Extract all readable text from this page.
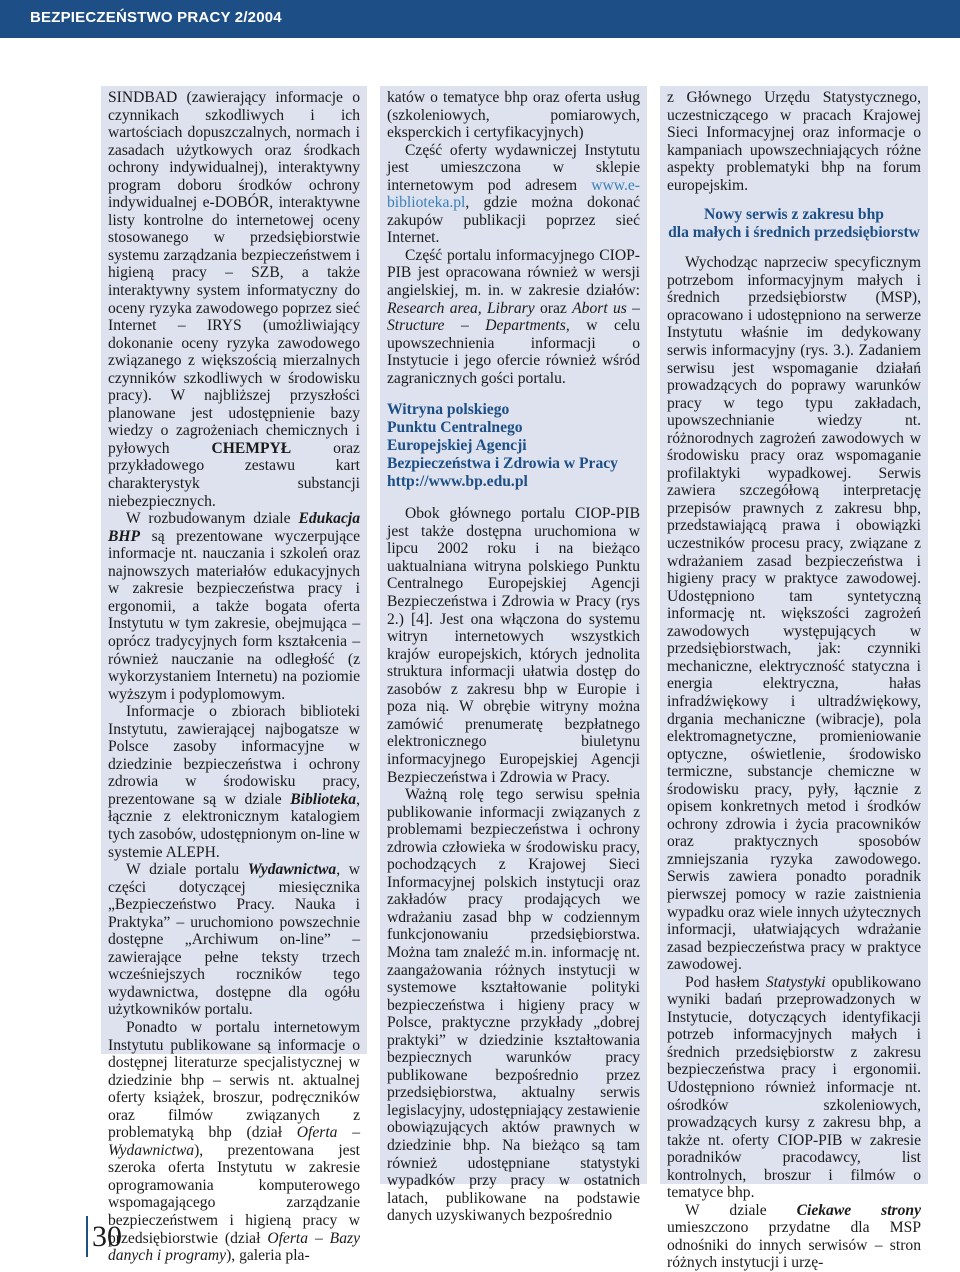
BEZPIECZEŃSTWO PRACY 2/2004

SINDBAD (zawierający informacje o czynnikach szkodliwych i ich wartościach dopuszczalnych, normach i zasadach użytkowych oraz środkach ochrony indywidualnej), interaktywny program doboru środków ochrony indywidualnej e-DOBÓR, interaktywne listy kontrolne do internetowej oceny stosowanego w przedsiębiorstwie systemu zarządzania bezpieczeństwem i higieną pracy – SZB, a także interaktywny system informatyczny do oceny ryzyka zawodowego poprzez sieć Internet – IRYS (umożliwiający dokonanie oceny ryzyka zawodowego związanego z większością mierzalnych czynników szkodliwych w środowisku pracy). W najbliższej przyszłości planowane jest udostępnienie bazy wiedzy o zagrożeniach chemicznych i pyłowych	CHEMPYŁ	oraz przykładowego zestawu kart charakterystyk substancji niebezpiecznych.

W rozbudowanym dziale Edukacja BHP są prezentowane wyczerpujące informacje nt. nauczania i szkoleń oraz najnowszych materiałów edukacyjnych w zakresie bezpieczeństwa pracy i ergonomii, a także bogata oferta Instytutu w tym zakresie, obejmująca – oprócz tradycyjnych form kształcenia – również nauczanie na odległość (z wykorzystaniem Internetu) na poziomie wyższym i podyplomowym.

Informacje o zbiorach biblioteki Instytutu, zawierającej najbogatsze w Polsce zasoby informacyjne w dziedzinie bezpieczeństwa i ochrony zdrowia w środowisku pracy, prezentowane są w dziale Biblioteka, łącznie z elektronicznym katalogiem tych zasobów, udostępnionym on-line w systemie ALEPH.

W dziale portalu Wydawnictwa, w części dotyczącej miesięcznika „Bezpieczeństwo Pracy. Nauka i Praktyka” – uruchomiono powszechnie dostępne „Archiwum on-line” – zawierające pełne teksty trzech wcześniejszych roczników tego wydawnictwa, dostępne dla ogółu użytkowników portalu.

Ponadto w portalu internetowym Instytutu publikowane są informacje o dostępnej literaturze specjalistycznej w dziedzinie bhp – serwis nt. aktualnej oferty książek, broszur, podręczników oraz filmów związanych z problematyką bhp (dział Oferta – Wydawnictwa), prezentowana jest szeroka oferta Instytutu w zakresie oprogramowania komputerowego wspomagającego zarządzanie bezpieczeństwem i higieną pracy w przedsiębiorstwie (dział Oferta – Bazy danych i programy), galeria pla-

katów o tematyce bhp oraz oferta usług (szkoleniowych, pomiarowych, eksperckich i certyfikacyjnych)

Część oferty wydawniczej Instytutu jest umieszczona w sklepie internetowym pod adresem www.e-biblioteka.pl, gdzie można dokonać zakupów publikacji poprzez sieć Internet.

Część portalu informacyjnego CIOP-PIB jest opracowana również w wersji angielskiej, m. in. w zakresie działów: Research area, Library oraz Abort us – Structure – Departments, w celu upowszechnienia informacji o Instytucie i jego ofercie również wśród zagranicznych gości portalu.

Witryna polskiego
Punktu Centralnego
Europejskiej Agencji
Bezpieczeństwa i Zdrowia w Pracy
http://www.bp.edu.pl

Obok głównego portalu CIOP-PIB jest także dostępna uruchomiona w lipcu 2002 roku i na bieżąco uaktualniana witryna polskiego Punktu Centralnego Europejskiej Agencji Bezpieczeństwa i Zdrowia w Pracy (rys 2.) [4]. Jest ona włączona do systemu witryn internetowych wszystkich krajów europejskich, których jednolita struktura informacji ułatwia dostęp do zasobów z zakresu bhp w Europie i poza nią. W obrębie witryny można zamówić prenumeratę bezpłatnego elektronicznego biuletynu informacyjnego Europejskiej Agencji Bezpieczeństwa i Zdrowia w Pracy.

Ważną rolę tego serwisu spełnia publikowanie informacji związanych z problemami bezpieczeństwa i ochrony zdrowia człowieka w środowisku pracy, pochodzących z Krajowej Sieci Informacyjnej polskich instytucji oraz zakładów pracy prodających we wdrażaniu zasad bhp w codziennym funkcjonowaniu przedsiębiorstwa. Można tam znaleźć m.in. informację nt. zaangażowania różnych instytucji w systemowe kształtowanie polityki bezpieczeństwa i higieny pracy w Polsce, praktyczne przykłady „dobrej praktyki” w dziedzinie kształtowania bezpiecznych warunków pracy publikowane bezpośrednio przez przedsiębiorstwa, aktualny serwis legislacyjny, udostępniający zestawienie obowiązujących aktów prawnych w dziedzinie bhp. Na bieżąco są tam również udostępniane statystyki wypadków przy pracy w ostatnich latach, publikowane na podstawie danych uzyskiwanych bezpośrednio

z Głównego Urzędu Statystycznego, uczestniczącego w pracach Krajowej Sieci Informacyjnej oraz informacje o kampaniach upowszechniających różne aspekty problematyki bhp na forum europejskim.

Nowy serwis z zakresu bhp
dla małych i średnich przedsiębiorstw

Wychodząc naprzeciw specyficznym potrzebom informacyjnym małych i średnich przedsiębiorstw (MSP), opracowano i udostępniono na serwerze Instytutu właśnie im dedykowany serwis informacyjny (rys. 3.). Zadaniem serwisu jest wspomaganie działań prowadzących do poprawy warunków pracy w tego typu zakładach, upowszechnianie wiedzy nt. różnorodnych zagrożeń zawodowych w środowisku pracy oraz wspomaganie profilaktyki wypadkowej. Serwis zawiera szczegółową interpretację przepisów prawnych z zakresu bhp, przedstawiającą prawa i obowiązki uczestników procesu pracy, związane z wdrażaniem zasad bezpieczeństwa i higieny pracy w praktyce zawodowej. Udostępniono tam syntetyczną informację nt. większości zagrożeń zawodowych występujących w przedsiębiorstwach, jak: czynniki mechaniczne, elektryczność statyczna i energia elektryczna, hałas infradźwiękowy i ultradźwiękowy, drgania mechaniczne (wibracje), pola elektromagnetyczne, promieniowanie optyczne, oświetlenie, środowisko termiczne, substancje chemiczne w środowisku pracy, pyły, łącznie z opisem konkretnych metod i środków ochrony zdrowia i życia pracowników oraz praktycznych sposobów zmniejszania ryzyka zawodowego. Serwis zawiera ponadto poradnik pierwszej pomocy w razie zaistnienia wypadku oraz wiele innych użytecznych informacji, ułatwiających wdrażanie zasad bezpieczeństwa pracy w praktyce zawodowej.

Pod hasłem Statystyki opublikowano wyniki badań przeprowadzonych w Instytucie, dotyczących identyfikacji potrzeb informacyjnych małych i średnich przedsiębiorstw z zakresu bezpieczeństwa pracy i ergonomii. Udostępniono również informacje nt. ośrodków szkoleniowych, prowadzących kursy z zakresu bhp, a także nt. oferty CIOP-PIB w zakresie poradników pracodawcy, list kontrolnych, broszur i filmów o tematyce bhp.

W dziale Ciekawe strony umieszczono przydatne dla MSP odnośniki do innych serwisów – stron różnych instytucji i urzę-

30
